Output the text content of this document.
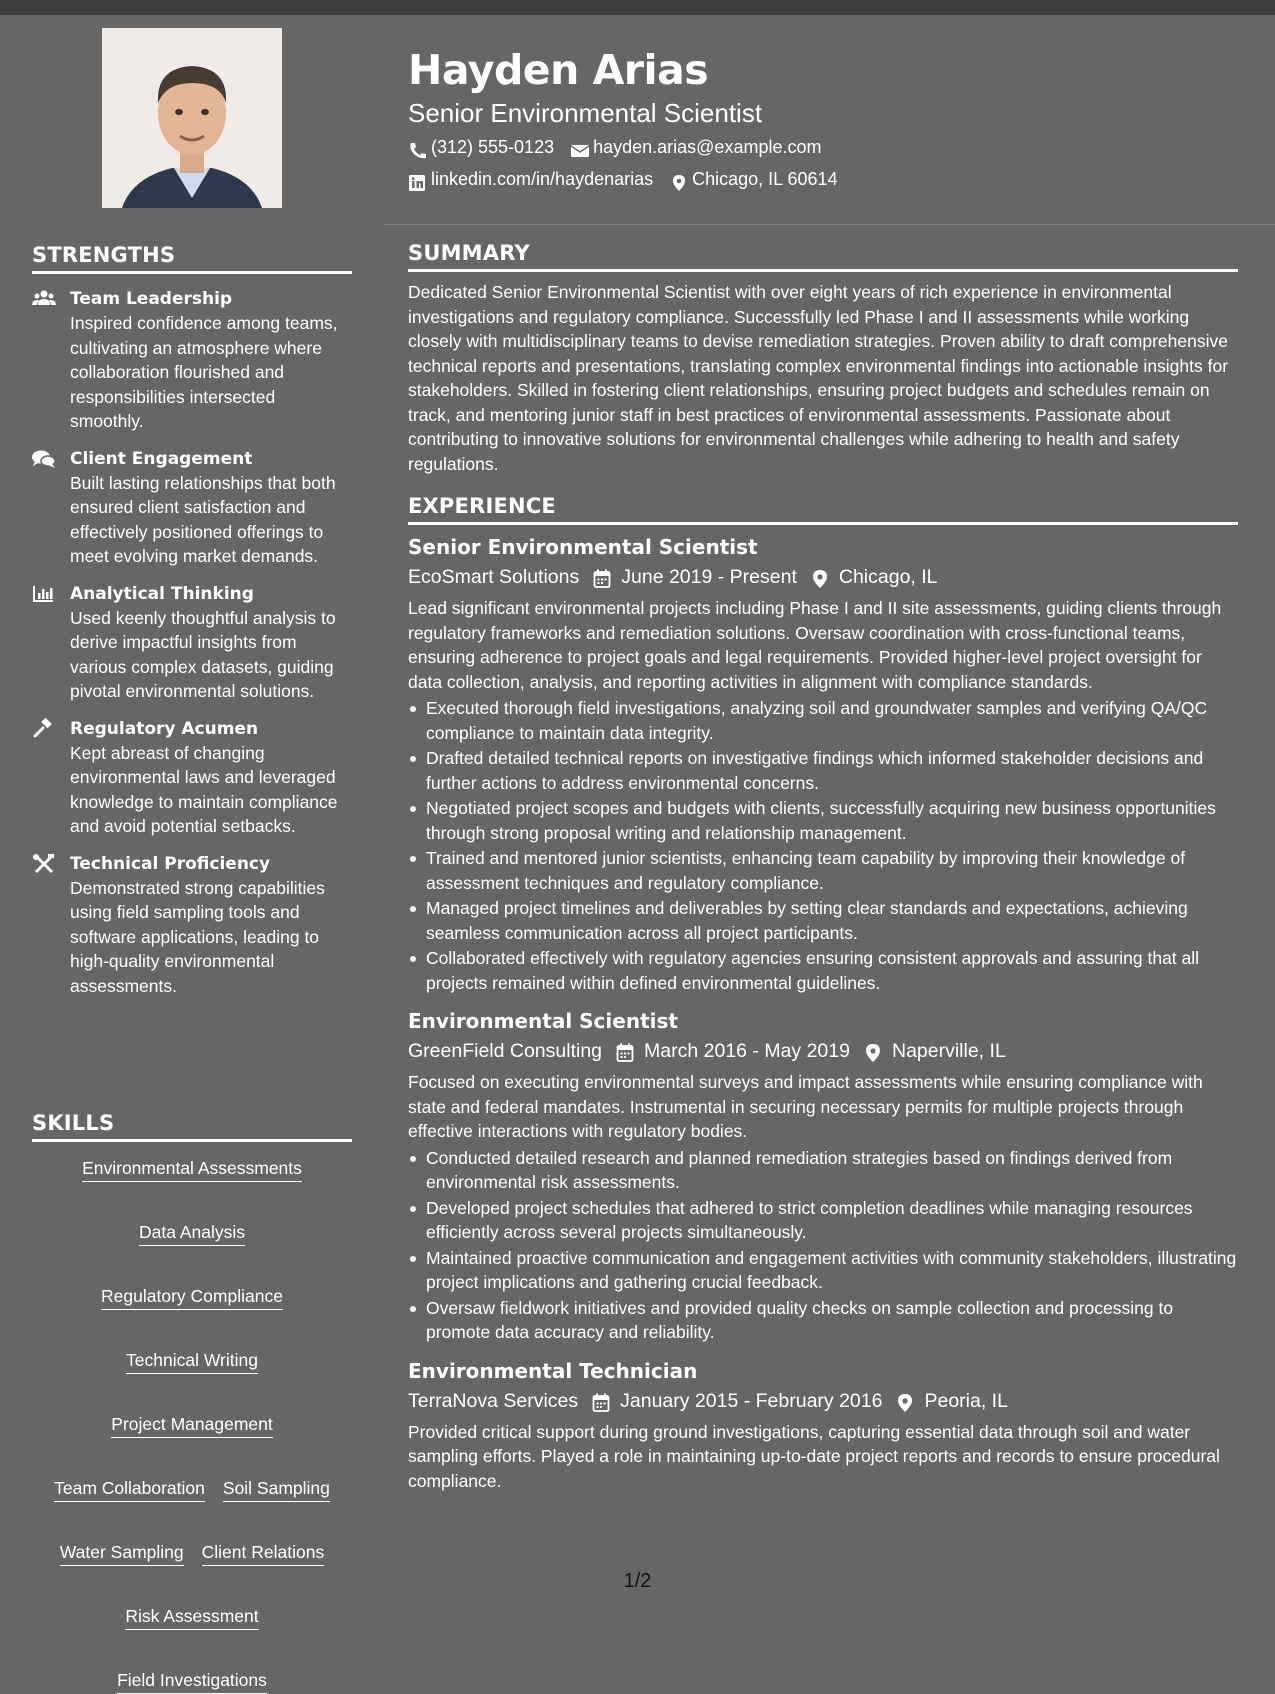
STRENGTHS
Team Leadership
Inspired confidence among teams, cultivating an atmosphere where collaboration flourished and responsibilities intersected smoothly.
Client Engagement
Built lasting relationships that both ensured client satisfaction and effectively positioned offerings to meet evolving market demands.
Analytical Thinking
Used keenly thoughtful analysis to derive impactful insights from various complex datasets, guiding pivotal environmental solutions.
Regulatory Acumen
Kept abreast of changing environmental laws and leveraged knowledge to maintain compliance and avoid potential setbacks.
Technical Proficiency
Demonstrated strong capabilities using field sampling tools and software applications, leading to high-quality environmental assessments.
SKILLS
Environmental Assessments
Data Analysis
Regulatory Compliance
Technical Writing
Project Management
Team Collaboration Soil Sampling
Water Sampling Client Relations
Risk Assessment
Field Investigations
Hayden Arias
Senior Environmental Scientist
(312) 555-0123 hayden.arias@example.com
linkedin.com/in/haydenarias Chicago, IL 60614
SUMMARY
Dedicated Senior Environmental Scientist with over eight years of rich experience in environmental investigations and regulatory compliance. Successfully led Phase I and II assessments while working closely with multidisciplinary teams to devise remediation strategies. Proven ability to draft comprehensive technical reports and presentations, translating complex environmental findings into actionable insights for stakeholders. Skilled in fostering client relationships, ensuring project budgets and schedules remain on track, and mentoring junior staff in best practices of environmental assessments. Passionate about contributing to innovative solutions for environmental challenges while adhering to health and safety regulations.
EXPERIENCE
Senior Environmental Scientist
EcoSmart Solutions June 2019 - Present Chicago, IL
Lead significant environmental projects including Phase I and II site assessments, guiding clients through regulatory frameworks and remediation solutions. Oversaw coordination with cross-functional teams, ensuring adherence to project goals and legal requirements. Provided higher-level project oversight for data collection, analysis, and reporting activities in alignment with compliance standards.
Executed thorough field investigations, analyzing soil and groundwater samples and verifying QA/QC compliance to maintain data integrity.
Drafted detailed technical reports on investigative findings which informed stakeholder decisions and further actions to address environmental concerns.
Negotiated project scopes and budgets with clients, successfully acquiring new business opportunities through strong proposal writing and relationship management.
Trained and mentored junior scientists, enhancing team capability by improving their knowledge of assessment techniques and regulatory compliance.
Managed project timelines and deliverables by setting clear standards and expectations, achieving seamless communication across all project participants.
Collaborated effectively with regulatory agencies ensuring consistent approvals and assuring that all projects remained within defined environmental guidelines.
Environmental Scientist
GreenField Consulting March 2016 - May 2019 Naperville, IL
Focused on executing environmental surveys and impact assessments while ensuring compliance with state and federal mandates. Instrumental in securing necessary permits for multiple projects through effective interactions with regulatory bodies.
Conducted detailed research and planned remediation strategies based on findings derived from environmental risk assessments.
Developed project schedules that adhered to strict completion deadlines while managing resources efficiently across several projects simultaneously.
Maintained proactive communication and engagement activities with community stakeholders, illustrating project implications and gathering crucial feedback.
Oversaw fieldwork initiatives and provided quality checks on sample collection and processing to promote data accuracy and reliability.
Environmental Technician
TerraNova Services January 2015 - February 2016 Peoria, IL
Provided critical support during ground investigations, capturing essential data through soil and water sampling efforts. Played a role in maintaining up-to-date project reports and records to ensure procedural compliance.
1/2
